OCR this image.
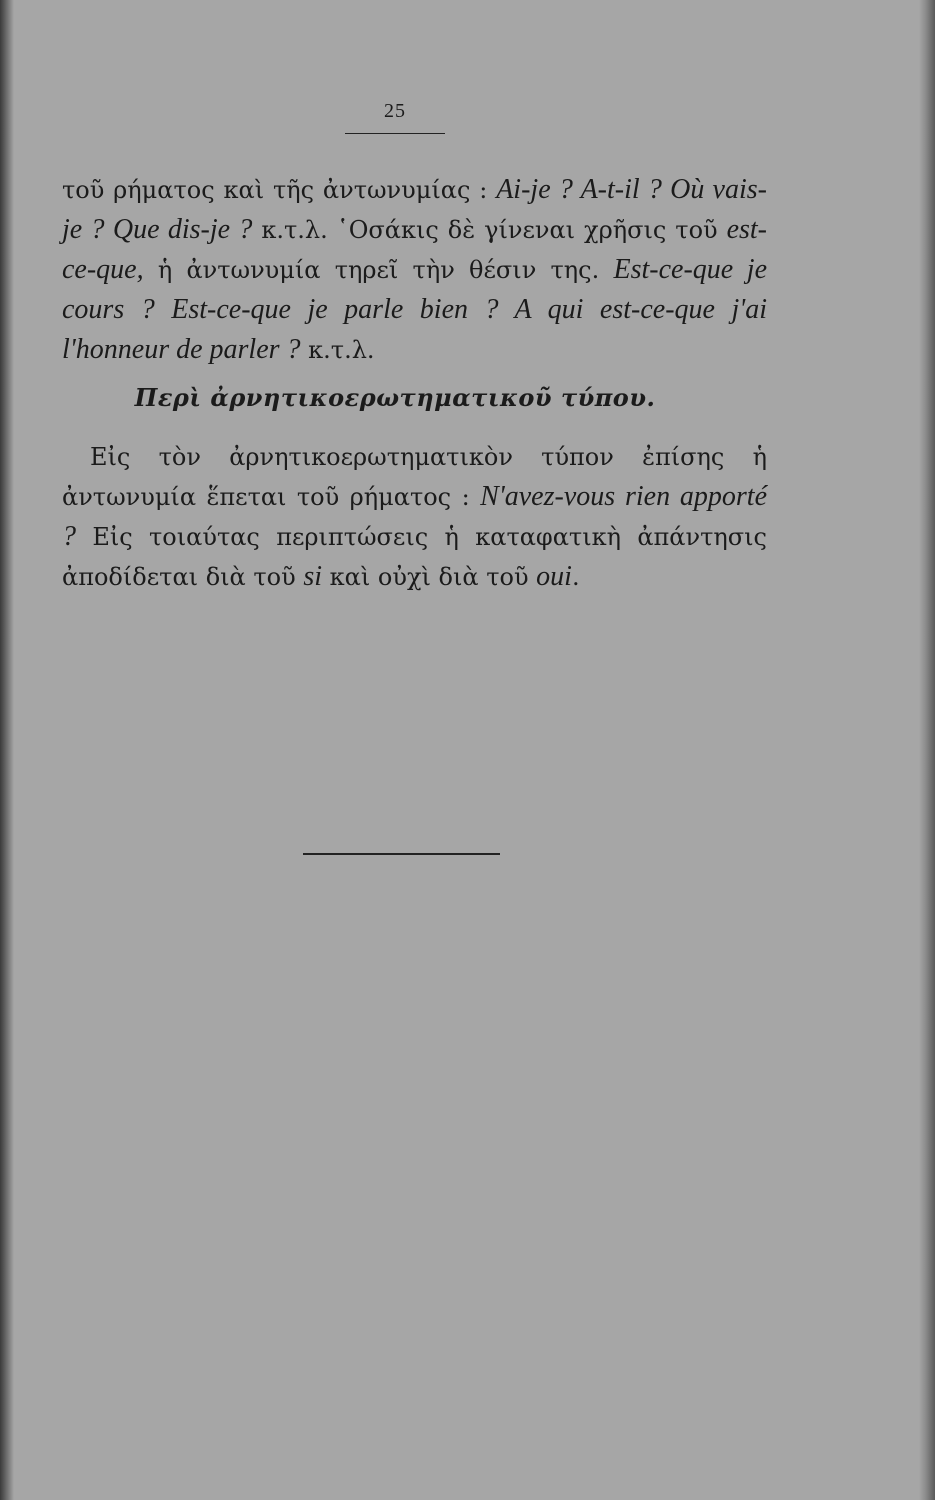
25
τοῦ ρήματος καὶ τῆς ἀντωνυμίας : Ai-je ? A-t-il ? Où vais-je ? Que dis-je ? κ.τ.λ. ῾Οσάκις δὲ γίνεναι χρῆσις τοῦ est-ce-que, ἡ ἀντωνυμία τηρεῖ τὴν θέσιν της. Est-ce-que je cours ? Est-ce-que je parle bien ? A qui est-ce-que j'ai l'honneur de parler ? κ.τ.λ.
Περὶ ἀρνητικοερωτηματικοῦ τύπου.
Εἰς τὸν ἀρνητικοερωτηματικὸν τύπον ἐπίσης ἡ ἀντωνυμία ἕπεται τοῦ ρήματος : N'avez-vous rien apporté ? Εἰς τοιαύτας περιπτώσεις ἡ καταφατικὴ ἀπάντησις ἀποδίδεται διὰ τοῦ si καὶ οὐχὶ διὰ τοῦ oui.
